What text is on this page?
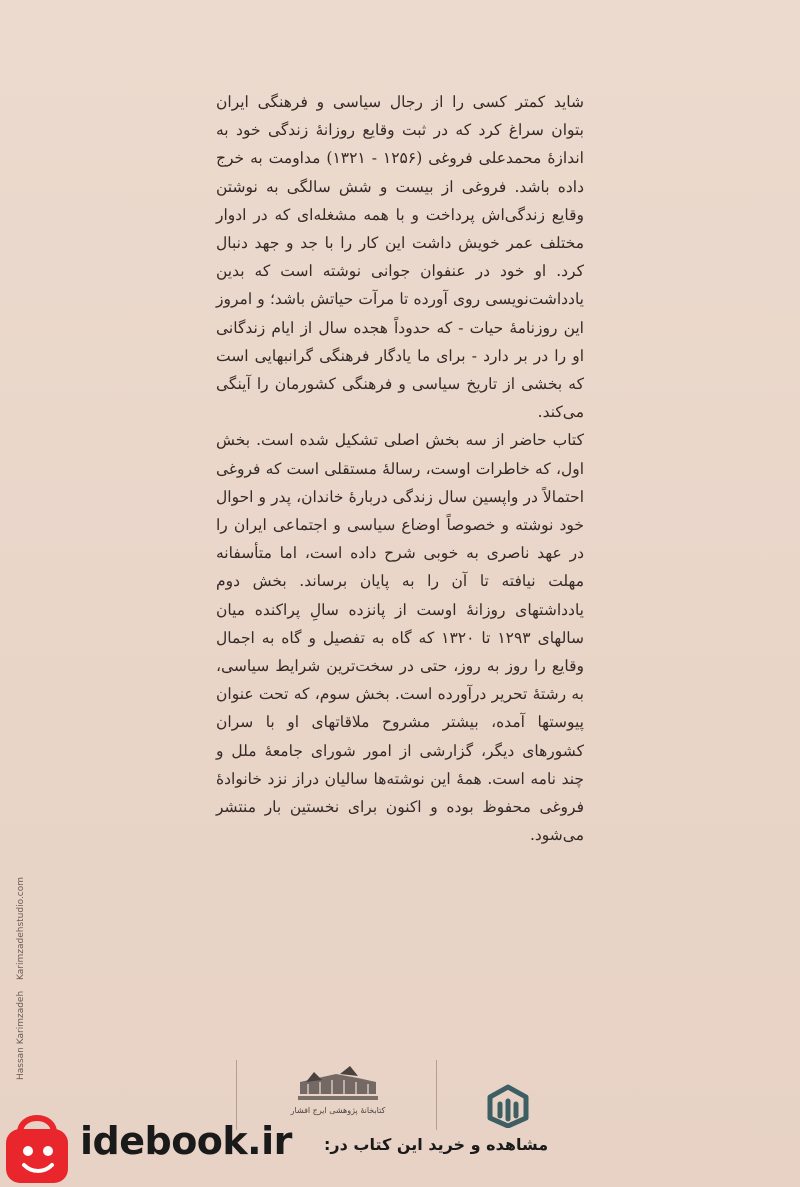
شاید کمتر کسی را از رجال سیاسی و فرهنگی ایران بتوان سراغ کرد که در ثبت وقایع روزانهٔ زندگی خود به اندازهٔ محمدعلی فروغی (۱۲۵۶ - ۱۳۲۱) مداومت به خرج داده باشد. فروغی از بیست و شش سالگی به نوشتن وقایع زندگی‌اش پرداخت و با همه مشغله‌ای که در ادوار مختلف عمر خویش داشت این کار را با جد و جهد دنبال کرد. او خود در عنفوان جوانی نوشته است که بدین یادداشت‌نویسی روی آورده تا مرآت حیاتش باشد؛ و امروز این روزنامهٔ حیات - که حدوداً هجده سال از ایام زندگانی او را در بر دارد - برای ما یادگار فرهنگی گرانبهایی است که بخشی از تاریخ سیاسی و فرهنگی کشورمان را آینگی می‌کند.

کتاب حاضر از سه بخش اصلی تشکیل شده است. بخش اول، که خاطرات اوست، رسالهٔ مستقلی است که فروغی احتمالاً در واپسین سال زندگی دربارهٔ خاندان، پدر و احوال خود نوشته و خصوصاً اوضاع سیاسی و اجتماعی ایران را در عهد ناصری به خوبی شرح داده است، اما متأسفانه مهلت نیافته تا آن را به پایان برساند. بخش دوم یادداشتهای روزانهٔ اوست از پانزده سالِ پراکنده میان سالهای ۱۲۹۳ تا ۱۳۲۰ که گاه به تفصیل و گاه به اجمال وقایع را روز به روز، حتی در سخت‌ترین شرایط سیاسی، به رشتهٔ تحریر درآورده است. بخش سوم، که تحت عنوان پیوستها آمده، بیشتر مشروح ملاقاتهای او با سران کشورهای دیگر، گزارشی از امور شورای جامعهٔ ملل و چند نامه است. همهٔ این نوشته‌ها سالیان دراز نزد خانوادهٔ فروغی محفوظ بوده و اکنون برای نخستین بار منتشر می‌شود.

Hassan Karimzadeh Karimzadehstudio.com
کتابخانهٔ پژوهشی ایرج افشار
idebook.ir مشاهده و خرید این کتاب در:
